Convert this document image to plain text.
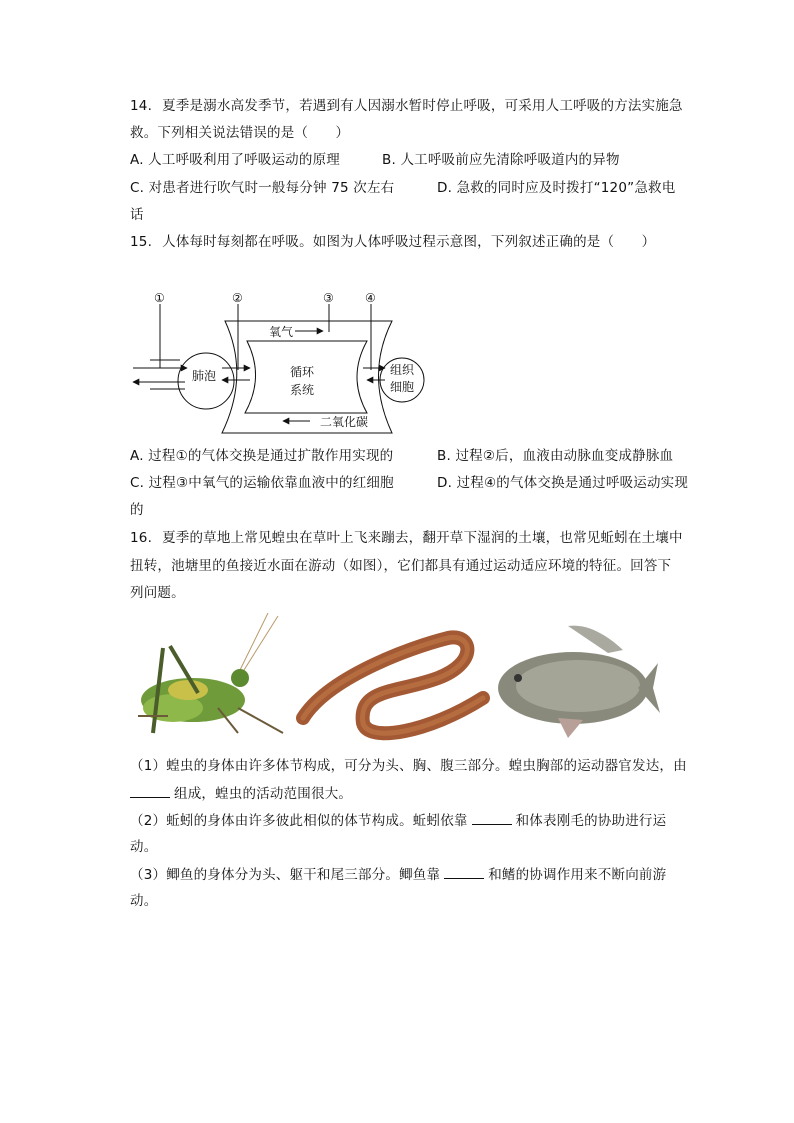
14. 夏季是溺水高发季节，若遇到有人因溺水暂时停止呼吸，可采用人工呼吸的方法实施急
救。下列相关说法错误的是（　　）
A. 人工呼吸利用了呼吸运动的原理	B. 人工呼吸前应先清除呼吸道内的异物
C. 对患者进行吹气时一般每分钟 75 次左右	D. 急救的同时应及时拨打“120”急救电
话
15. 人体每时每刻都在呼吸。如图为人体呼吸过程示意图，下列叙述正确的是（　　）
①	②	③	④
氧气
二氧化碳
肺泡	循环
系统
组织
细胞
A. 过程①的气体交换是通过扩散作用实现的	B. 过程②后，血液由动脉血变成静脉血
C. 过程③中氧气的运输依靠血液中的红细胞	D. 过程④的气体交换是通过呼吸运动实现
的
16. 夏季的草地上常见蝗虫在草叶上飞来蹦去，翻开草下湿润的土壤，也常见蚯蚓在土壤中
扭转，池塘里的鱼接近水面在游动（如图），它们都具有通过运动适应环境的特征。回答下
列问题。
（1）蝗虫的身体由许多体节构成，可分为头、胸、腹三部分。蝗虫胸部的运动器官发达，由
组成，蝗虫的活动范围很大。
（2）蚯蚓的身体由许多彼此相似的体节构成。蚯蚓依靠	和体表刚毛的协助进行运
动。
（3）鲫鱼的身体分为头、躯干和尾三部分。鲫鱼靠	和鳍的协调作用来不断向前游
动。
